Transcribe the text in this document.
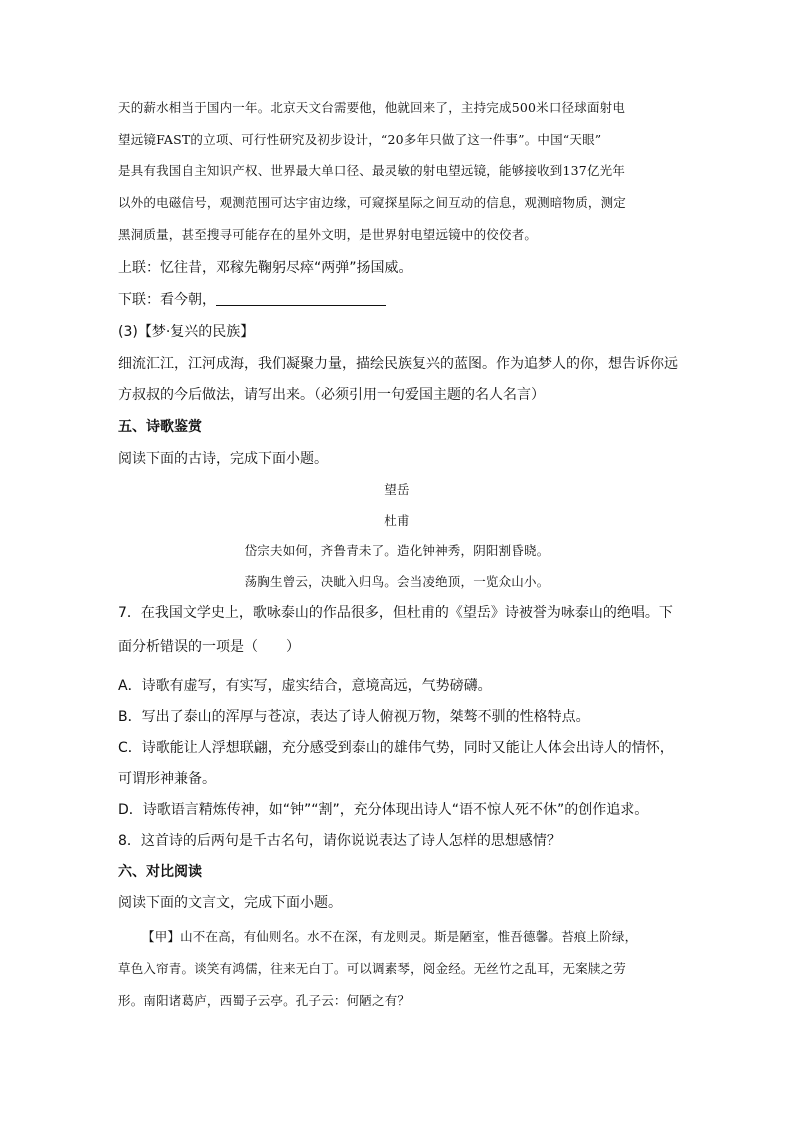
天的薪水相当于国内一年。北京天文台需要他，他就回来了，主持完成500米口径球面射电
望远镜FAST的立项、可行性研究及初步设计，“20多年只做了这一件事”。中国“天眼”
是具有我国自主知识产权、世界最大单口径、最灵敏的射电望远镜，能够接收到137亿光年
以外的电磁信号，观测范围可达宇宙边缘，可窥探星际之间互动的信息，观测暗物质，测定
黑洞质量，甚至搜寻可能存在的星外文明，是世界射电望远镜中的佼佼者。
上联：忆往昔，邓稼先鞠躬尽瘁“两弹”扬国威。
下联：看今朝，
(3)【梦·复兴的民族】
细流汇江，江河成海，我们凝聚力量，描绘民族复兴的蓝图。作为追梦人的你，想告诉你远
方叔叔的今后做法，请写出来。（必须引用一句爱国主题的名人名言）
五、诗歌鉴赏
阅读下面的古诗，完成下面小题。
望岳
杜甫
岱宗夫如何，齐鲁青未了。造化钟神秀，阴阳割昏晓。
荡胸生曾云，决眦入归鸟。会当凌绝顶，一览众山小。
7．在我国文学史上，歌咏泰山的作品很多，但杜甫的《望岳》诗被誉为咏泰山的绝唱。下
面分析错误的一项是（　　）
A．诗歌有虚写，有实写，虚实结合，意境高远，气势磅礴。
B．写出了泰山的浑厚与苍凉，表达了诗人俯视万物，桀骜不驯的性格特点。
C．诗歌能让人浮想联翩，充分感受到泰山的雄伟气势，同时又能让人体会出诗人的情怀，
可谓形神兼备。
D．诗歌语言精炼传神，如“钟”“割”，充分体现出诗人“语不惊人死不休”的创作追求。
8．这首诗的后两句是千古名句，请你说说表达了诗人怎样的思想感情？
六、对比阅读
阅读下面的文言文，完成下面小题。
【甲】山不在高，有仙则名。水不在深，有龙则灵。斯是陋室，惟吾德馨。苔痕上阶绿，
草色入帘青。谈笑有鸿儒，往来无白丁。可以调素琴，阅金经。无丝竹之乱耳，无案牍之劳
形。南阳诸葛庐，西蜀子云亭。孔子云：何陋之有？
